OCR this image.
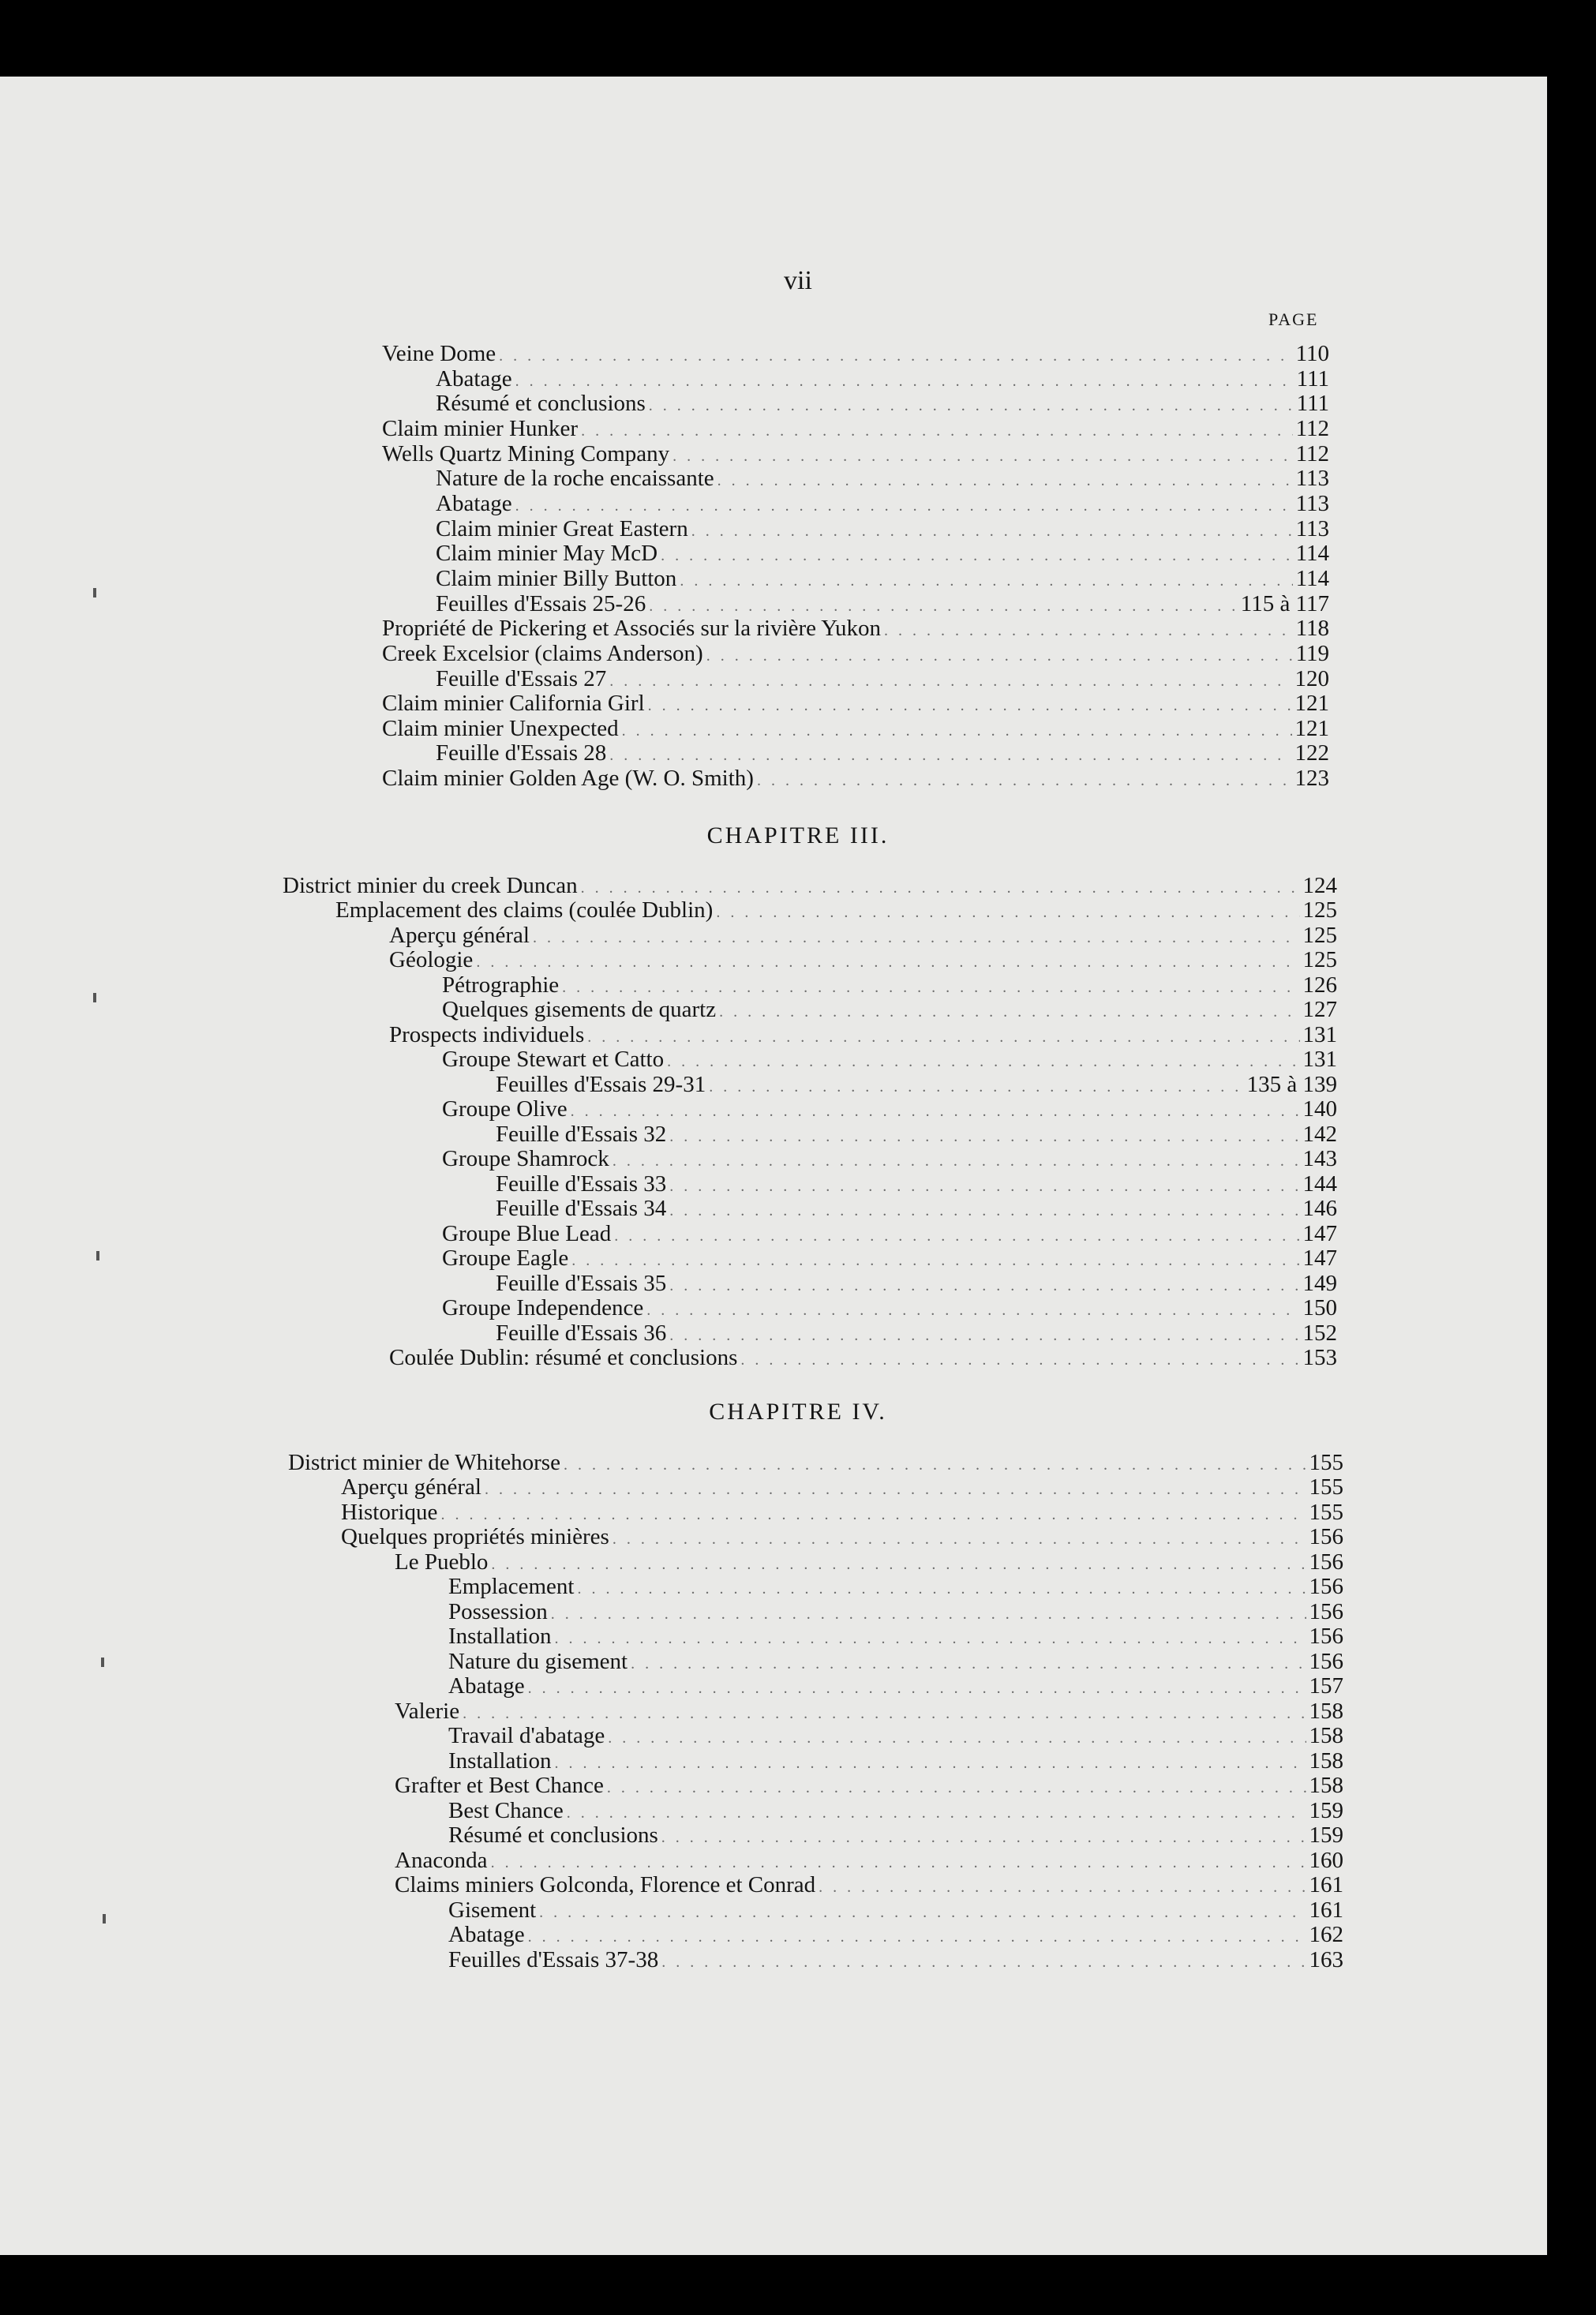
vii
PAGE
CHAPITRE III.
CHAPITRE IV.
Veine Dome . . .	110
Abatage . . .	111
Résumé et conclusions . . .	111
Claim minier Hunker . . .	112
Wells Quartz Mining Company . . .	112
Nature de la roche encaissante . . .	113
Abatage . . .	113
Claim minier Great Eastern . . .	113
Claim minier May McD . . .	114
Claim minier Billy Button . . .	114
Feuilles d'Essais 25-26 . . .	115 à 117
Propriété de Pickering et Associés sur la rivière Yukon . . .	118
Creek Excelsior (claims Anderson) . . .	119
Feuille d'Essais 27 . . .	120
Claim minier California Girl . . .	121
Claim minier Unexpected . . .	121
Feuille d'Essais 28 . . .	122
Claim minier Golden Age (W. O. Smith) . . .	123
District minier du creek Duncan . . .	124
Emplacement des claims (coulée Dublin) . . .	125
Aperçu général . . .	125
Géologie . . .	125
Pétrographie . . .	126
Quelques gisements de quartz . . .	127
Prospects individuels . . .	131
Groupe Stewart et Catto . . .	131
Feuilles d'Essais 29-31 . . .	135 à 139
Groupe Olive . . .	140
Feuille d'Essais 32 . . .	142
Groupe Shamrock . . .	143
Feuille d'Essais 33 . . .	144
Feuille d'Essais 34 . . .	146
Groupe Blue Lead . . .	147
Groupe Eagle . . .	147
Feuille d'Essais 35 . . .	149
Groupe Independence . . .	150
Feuille d'Essais 36 . . .	152
Coulée Dublin: résumé et conclusions . . .	153
District minier de Whitehorse . . .	155
Aperçu général . . .	155
Historique . . .	155
Quelques propriétés minières . . .	156
Le Pueblo . . .	156
Emplacement . . .	156
Possession . . .	156
Installation . . .	156
Nature du gisement . . .	156
Abatage . . .	157
Valerie . . .	158
Travail d'abatage . . .	158
Installation . . .	158
Grafter et Best Chance . . .	158
Best Chance . . .	159
Résumé et conclusions . . .	159
Anaconda . . .	160
Claims miniers Golconda, Florence et Conrad . . .	161
Gisement . . .	161
Abatage . . .	162
Feuilles d'Essais 37-38 . . .	163
